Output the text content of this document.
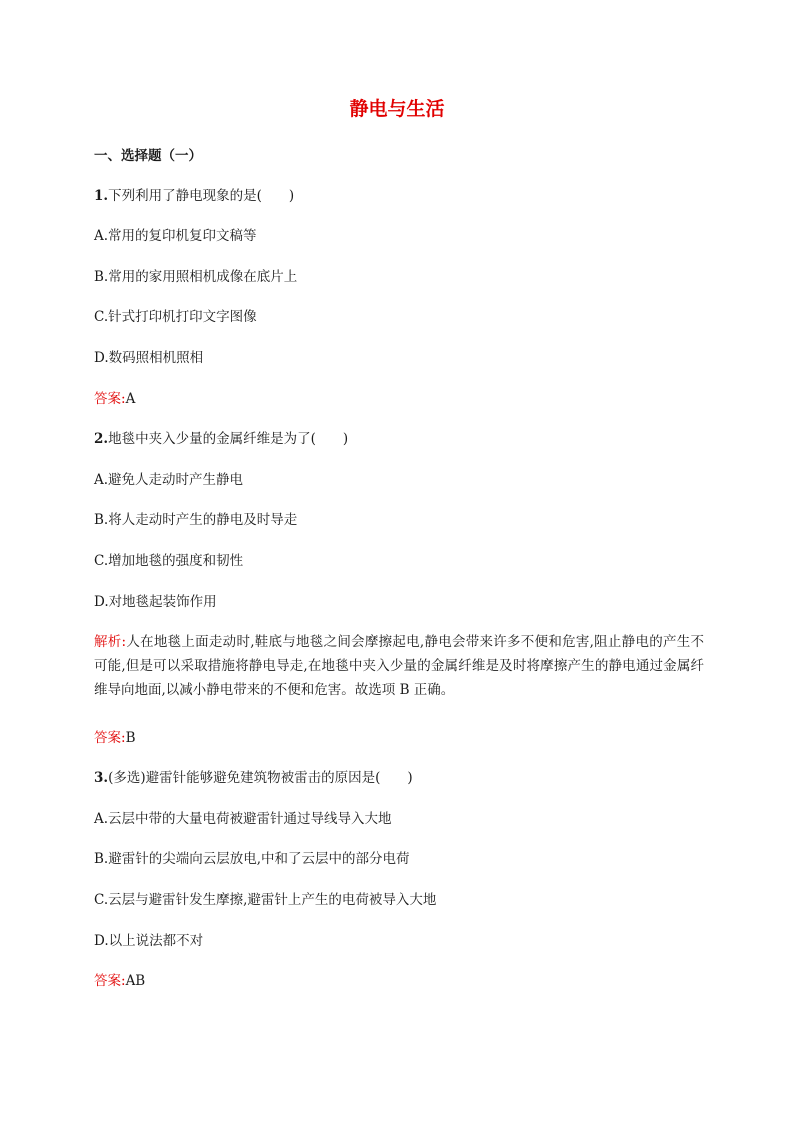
静电与生活
一、选择题（一）
1.下列利用了静电现象的是(　　)
A.常用的复印机复印文稿等
B.常用的家用照相机成像在底片上
C.针式打印机打印文字图像
D.数码照相机照相
答案:A
2.地毯中夹入少量的金属纤维是为了(　　)
A.避免人走动时产生静电
B.将人走动时产生的静电及时导走
C.增加地毯的强度和韧性
D.对地毯起装饰作用
解析:人在地毯上面走动时,鞋底与地毯之间会摩擦起电,静电会带来许多不便和危害,阻止静电的产生不可能,但是可以采取措施将静电导走,在地毯中夹入少量的金属纤维是及时将摩擦产生的静电通过金属纤维导向地面,以减小静电带来的不便和危害。故选项 B 正确。
答案:B
3.(多选)避雷针能够避免建筑物被雷击的原因是(　　)
A.云层中带的大量电荷被避雷针通过导线导入大地
B.避雷针的尖端向云层放电,中和了云层中的部分电荷
C.云层与避雷针发生摩擦,避雷针上产生的电荷被导入大地
D.以上说法都不对
答案:AB
